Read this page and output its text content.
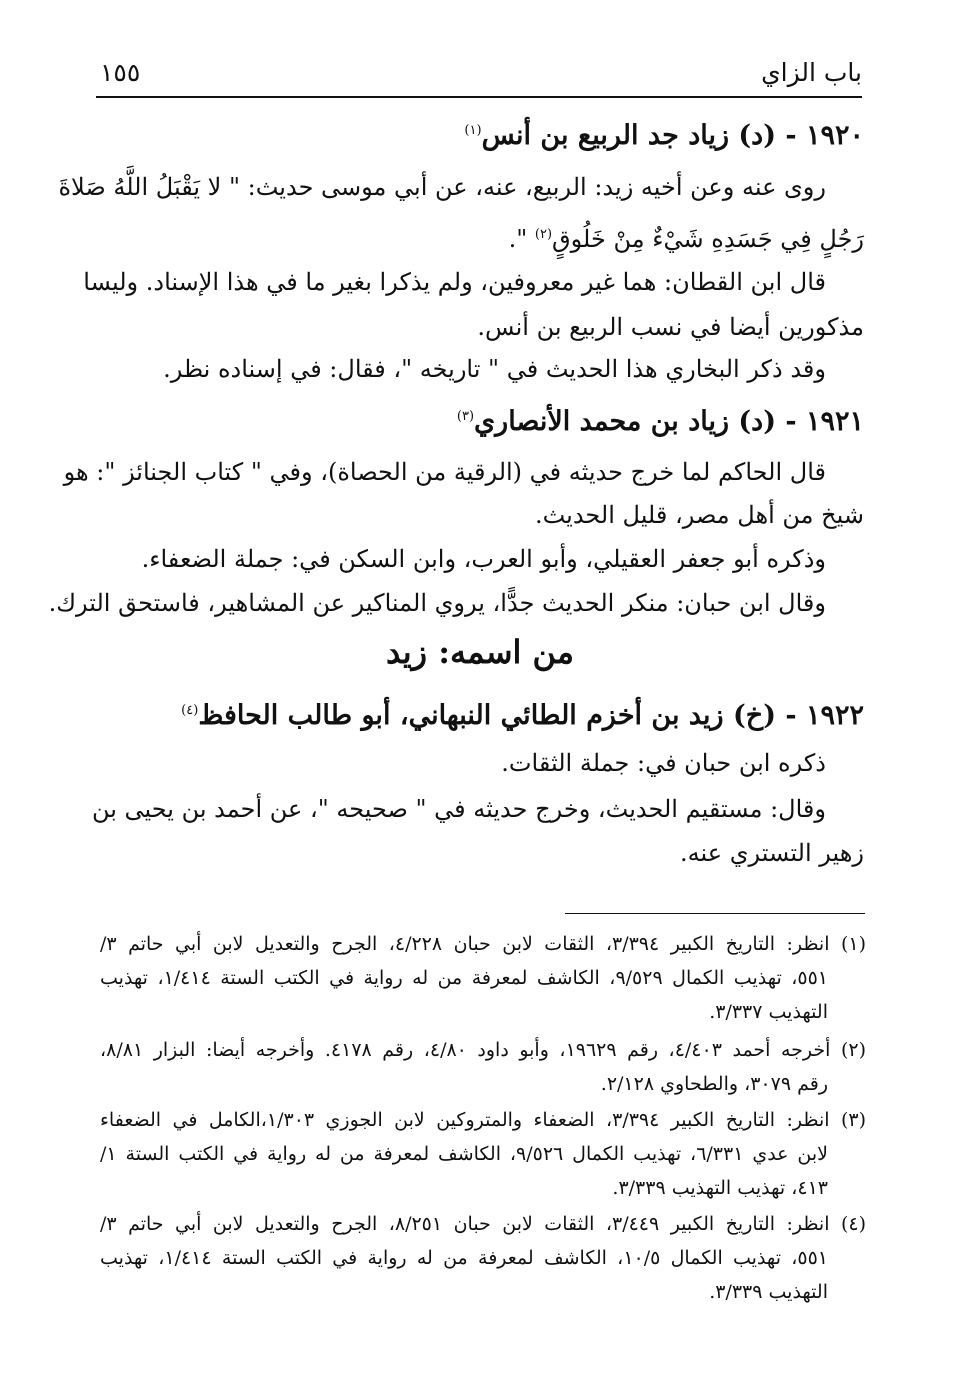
باب الزاي
١٥٥
١٩٢٠ - (د) زياد جد الربيع بن أنس$^{(١)}$
روى عنه وعن أخيه زيد: الربيع، عنه، عن أبي موسى حديث: " لا يَقْبَلُ اللَّهُ صَلاةَ
رَجُلٍ فِي جَسَدِهِ شَيْءٌ مِنْ خَلُوقٍ$^{(٢)}$ ".
قال ابن القطان: هما غير معروفين، ولم يذكرا بغير ما في هذا الإسناد. وليسا
مذكورين أيضا في نسب الربيع بن أنس.
وقد ذكر البخاري هذا الحديث في " تاريخه "، فقال: في إسناده نظر.
١٩٢١ - (د) زياد بن محمد الأنصاري$^{(٣)}$
قال الحاكم لما خرج حديثه في (الرقية من الحصاة)، وفي " كتاب الجنائز ": هو
شيخ من أهل مصر، قليل الحديث.
وذكره أبو جعفر العقيلي، وأبو العرب، وابن السكن في: جملة الضعفاء.
وقال ابن حبان: منكر الحديث جدًّا، يروي المناكير عن المشاهير، فاستحق الترك.
من اسمه: زيد
١٩٢٢ - (خ) زيد بن أخزم الطائي النبهاني، أبو طالب الحافظ$^{(٤)}$
ذكره ابن حبان في: جملة الثقات.
وقال: مستقيم الحديث، وخرج حديثه في " صحيحه "، عن أحمد بن يحيى بن
زهير التستري عنه.
(١) انظر: التاريخ الكبير ٣/٣٩٤، الثقات لابن حبان ٤/٢٢٨، الجرح والتعديل لابن أبي حاتم ٣/
٥٥١، تهذيب الكمال ٩/٥٢٩، الكاشف لمعرفة من له رواية في الكتب الستة ١/٤١٤، تهذيب
التهذيب ٣/٣٣٧.
(٢) أخرجه أحمد ٤/٤٠٣، رقم ١٩٦٢٩، وأبو داود ٤/٨٠، رقم ٤١٧٨. وأخرجه أيضا: البزار ٨/٨١،
رقم ٣٠٧٩، والطحاوي ٢/١٢٨.
(٣) انظر: التاريخ الكبير ٣/٣٩٤، الضعفاء والمتروكين لابن الجوزي ١/٣٠٣،الكامل في الضعفاء
لابن عدي ٦/٣٣١، تهذيب الكمال ٩/٥٢٦، الكاشف لمعرفة من له رواية في الكتب الستة ١/
٤١٣، تهذيب التهذيب ٣/٣٣٩.
(٤) انظر: التاريخ الكبير ٣/٤٤٩، الثقات لابن حبان ٨/٢٥١، الجرح والتعديل لابن أبي حاتم ٣/
٥٥١، تهذيب الكمال ١٠/٥، الكاشف لمعرفة من له رواية في الكتب الستة ١/٤١٤، تهذيب
التهذيب ٣/٣٣٩.
